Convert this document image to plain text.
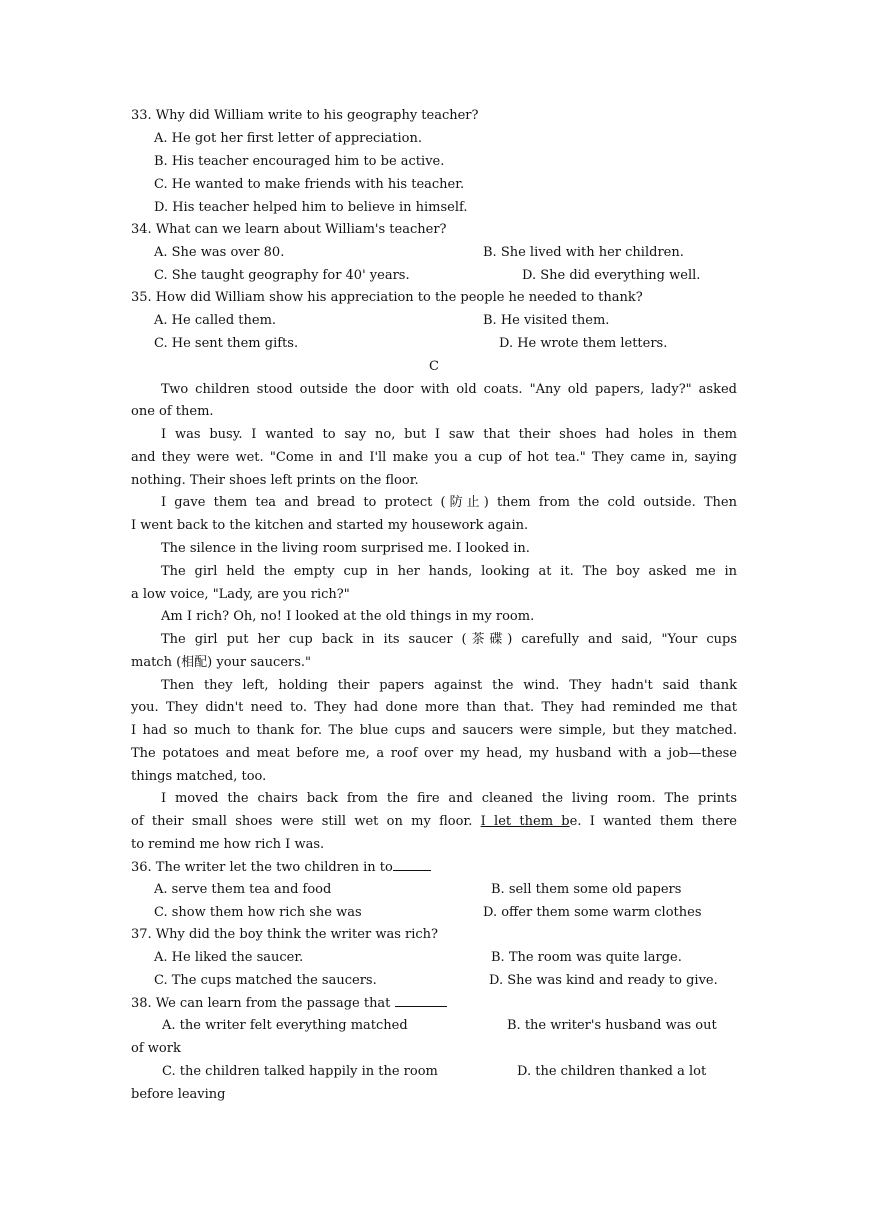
33. Why did William write to his geography teacher?
A. He got her first letter of appreciation.
B. His teacher encouraged him to be active.
C. He wanted to make friends with his teacher.
D. His teacher helped him to believe in himself.
34. What can we learn about William's teacher?
A. She was over 80.	B. She lived with her children.
C. She taught geography for 40' years.	D. She did everything well.
35. How did William show his appreciation to the people he needed to thank?
A. He called them.	B. He visited them.
C. He sent them gifts.	D. He wrote them letters.
C
Two children stood outside the door with old coats. "Any old papers, lady?" asked
one of them.
I was busy. I wanted to say no, but I saw that their shoes had holes in them
and they were wet. "Come in and I'll make you a cup of hot tea." They came in, saying
nothing. Their shoes left prints on the floor.
I gave them tea and bread to protect (防止) them from the cold outside. Then
I went back to the kitchen and started my housework again.
The silence in the living room surprised me. I looked in.
The girl held the empty cup in her hands, looking at it. The boy asked me in
a low voice, "Lady, are you rich?"
Am I rich? Oh, no! I looked at the old things in my room.
The girl put her cup back in its saucer (茶碟) carefully and said, "Your cups
match (相配) your saucers."
Then they left, holding their papers against the wind. They hadn't said thank
you. They didn't need to. They had done more than that. They had reminded me that
I had so much to thank for. The blue cups and saucers were simple, but they matched.
The potatoes and meat before me, a roof over my head, my husband with a job—these
things matched, too.
I moved the chairs back from the fire and cleaned the living room. The prints
of their small shoes were still wet on my floor. I let them be. I wanted them there
to remind me how rich I was.
36. The writer let the two children in to
A. serve them tea and food	B. sell them some old papers
C. show them how rich she was	D. offer them some warm clothes
37. Why did the boy think the writer was rich?
A. He liked the saucer.	B. The room was quite large.
C. The cups matched the saucers.	D. She was kind and ready to give.
38. We can learn from the passage that
A. the writer felt everything matched	B. the writer's husband was out
of work
C. the children talked happily in the room	D. the children thanked a lot
before leaving
